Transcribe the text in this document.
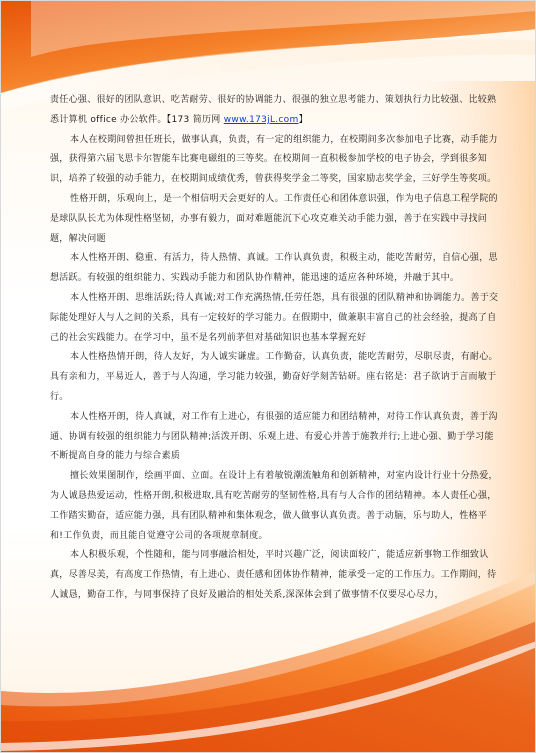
责任心强、很好的团队意识、吃苦耐劳、很好的协调能力、很强的独立思考能力、策划执行力比较强、比较熟悉计算机 office 办公软件。【173 简历网 www.173jL.com】

本人在校期间曾担任班长，做事认真，负责，有一定的组织能力，在校期间多次参加电子比赛，动手能力强，获得第六届飞思卡尔智能车比赛电磁组的三等奖。在校期间一直积极参加学校的电子协会，学到很多知识，培养了较强的动手能力，在校期间成绩优秀，曾获得奖学金二等奖，国家励志奖学金，三好学生等奖项。

性格开朗，乐观向上，是一个相信明天会更好的人。工作责任心和团体意识强，作为电子信息工程学院的是球队队长尤为体现性格坚韧，办事有毅力，面对难题能沉下心攻克难关动手能力强，善于在实践中寻找问题，解决问题

本人性格开朗、稳重、有活力，待人热情、真诚。工作认真负责，积极主动，能吃苦耐劳，自信心强，思想活跃。有较强的组织能力、实践动手能力和团队协作精神，能迅速的适应各种环境，并融于其中。

本人性格开朗、思维活跃;待人真诚;对工作充满热情,任劳任怨，具有很强的团队精神和协调能力。善于交际能处理好人与人之间的关系，具有一定较好的学习能力。在假期中，做兼职丰富自己的社会经验，提高了自己的社会实践能力。在学习中，虽不是名列前茅但对基础知识也基本掌握充好

本人性格热情开朗，待人友好，为人诚实谦虚。工作勤奋，认真负责，能吃苦耐劳，尽职尽责，有耐心。具有亲和力，平易近人，善于与人沟通，学习能力较强，勤奋好学刻苦钻研。座右铭是：君子欲讷于言而敏于行。

本人性格开朗，待人真诚，对工作有上进心，有很强的适应能力和团结精神，对待工作认真负责，善于沟通、协调有较强的组织能力与团队精神;活泼开朗、乐观上进、有爱心并善于施教并行;上进心强、勤于学习能不断提高自身的能力与综合素质

擅长效果图制作，绘画平面、立面。在设计上有着敏锐潮流触角和创新精神，对室内设计行业十分热爱，为人诚恳热爱运动，性格开朗,积极进取,具有吃苦耐劳的坚韧性格,具有与人合作的团结精神。本人责任心强，工作踏实勤奋，适应能力强，具有团队精神和集体观念，做人做事认真负责。善于动脑，乐与助人，性格平和!工作负责，而且能自觉遵守公司的各项规章制度。

本人积极乐观，个性随和，能与同事融洽相处，平时兴趣广泛，阅读面较广，能适应新事物工作细致认真，尽善尽美，有高度工作热情，有上进心、责任感和团体协作精神，能承受一定的工作压力。工作期间，待人诚恳，勤奋工作，与同事保持了良好及融洽的相处关系,深深体会到了做事情不仅要尽心尽力，
